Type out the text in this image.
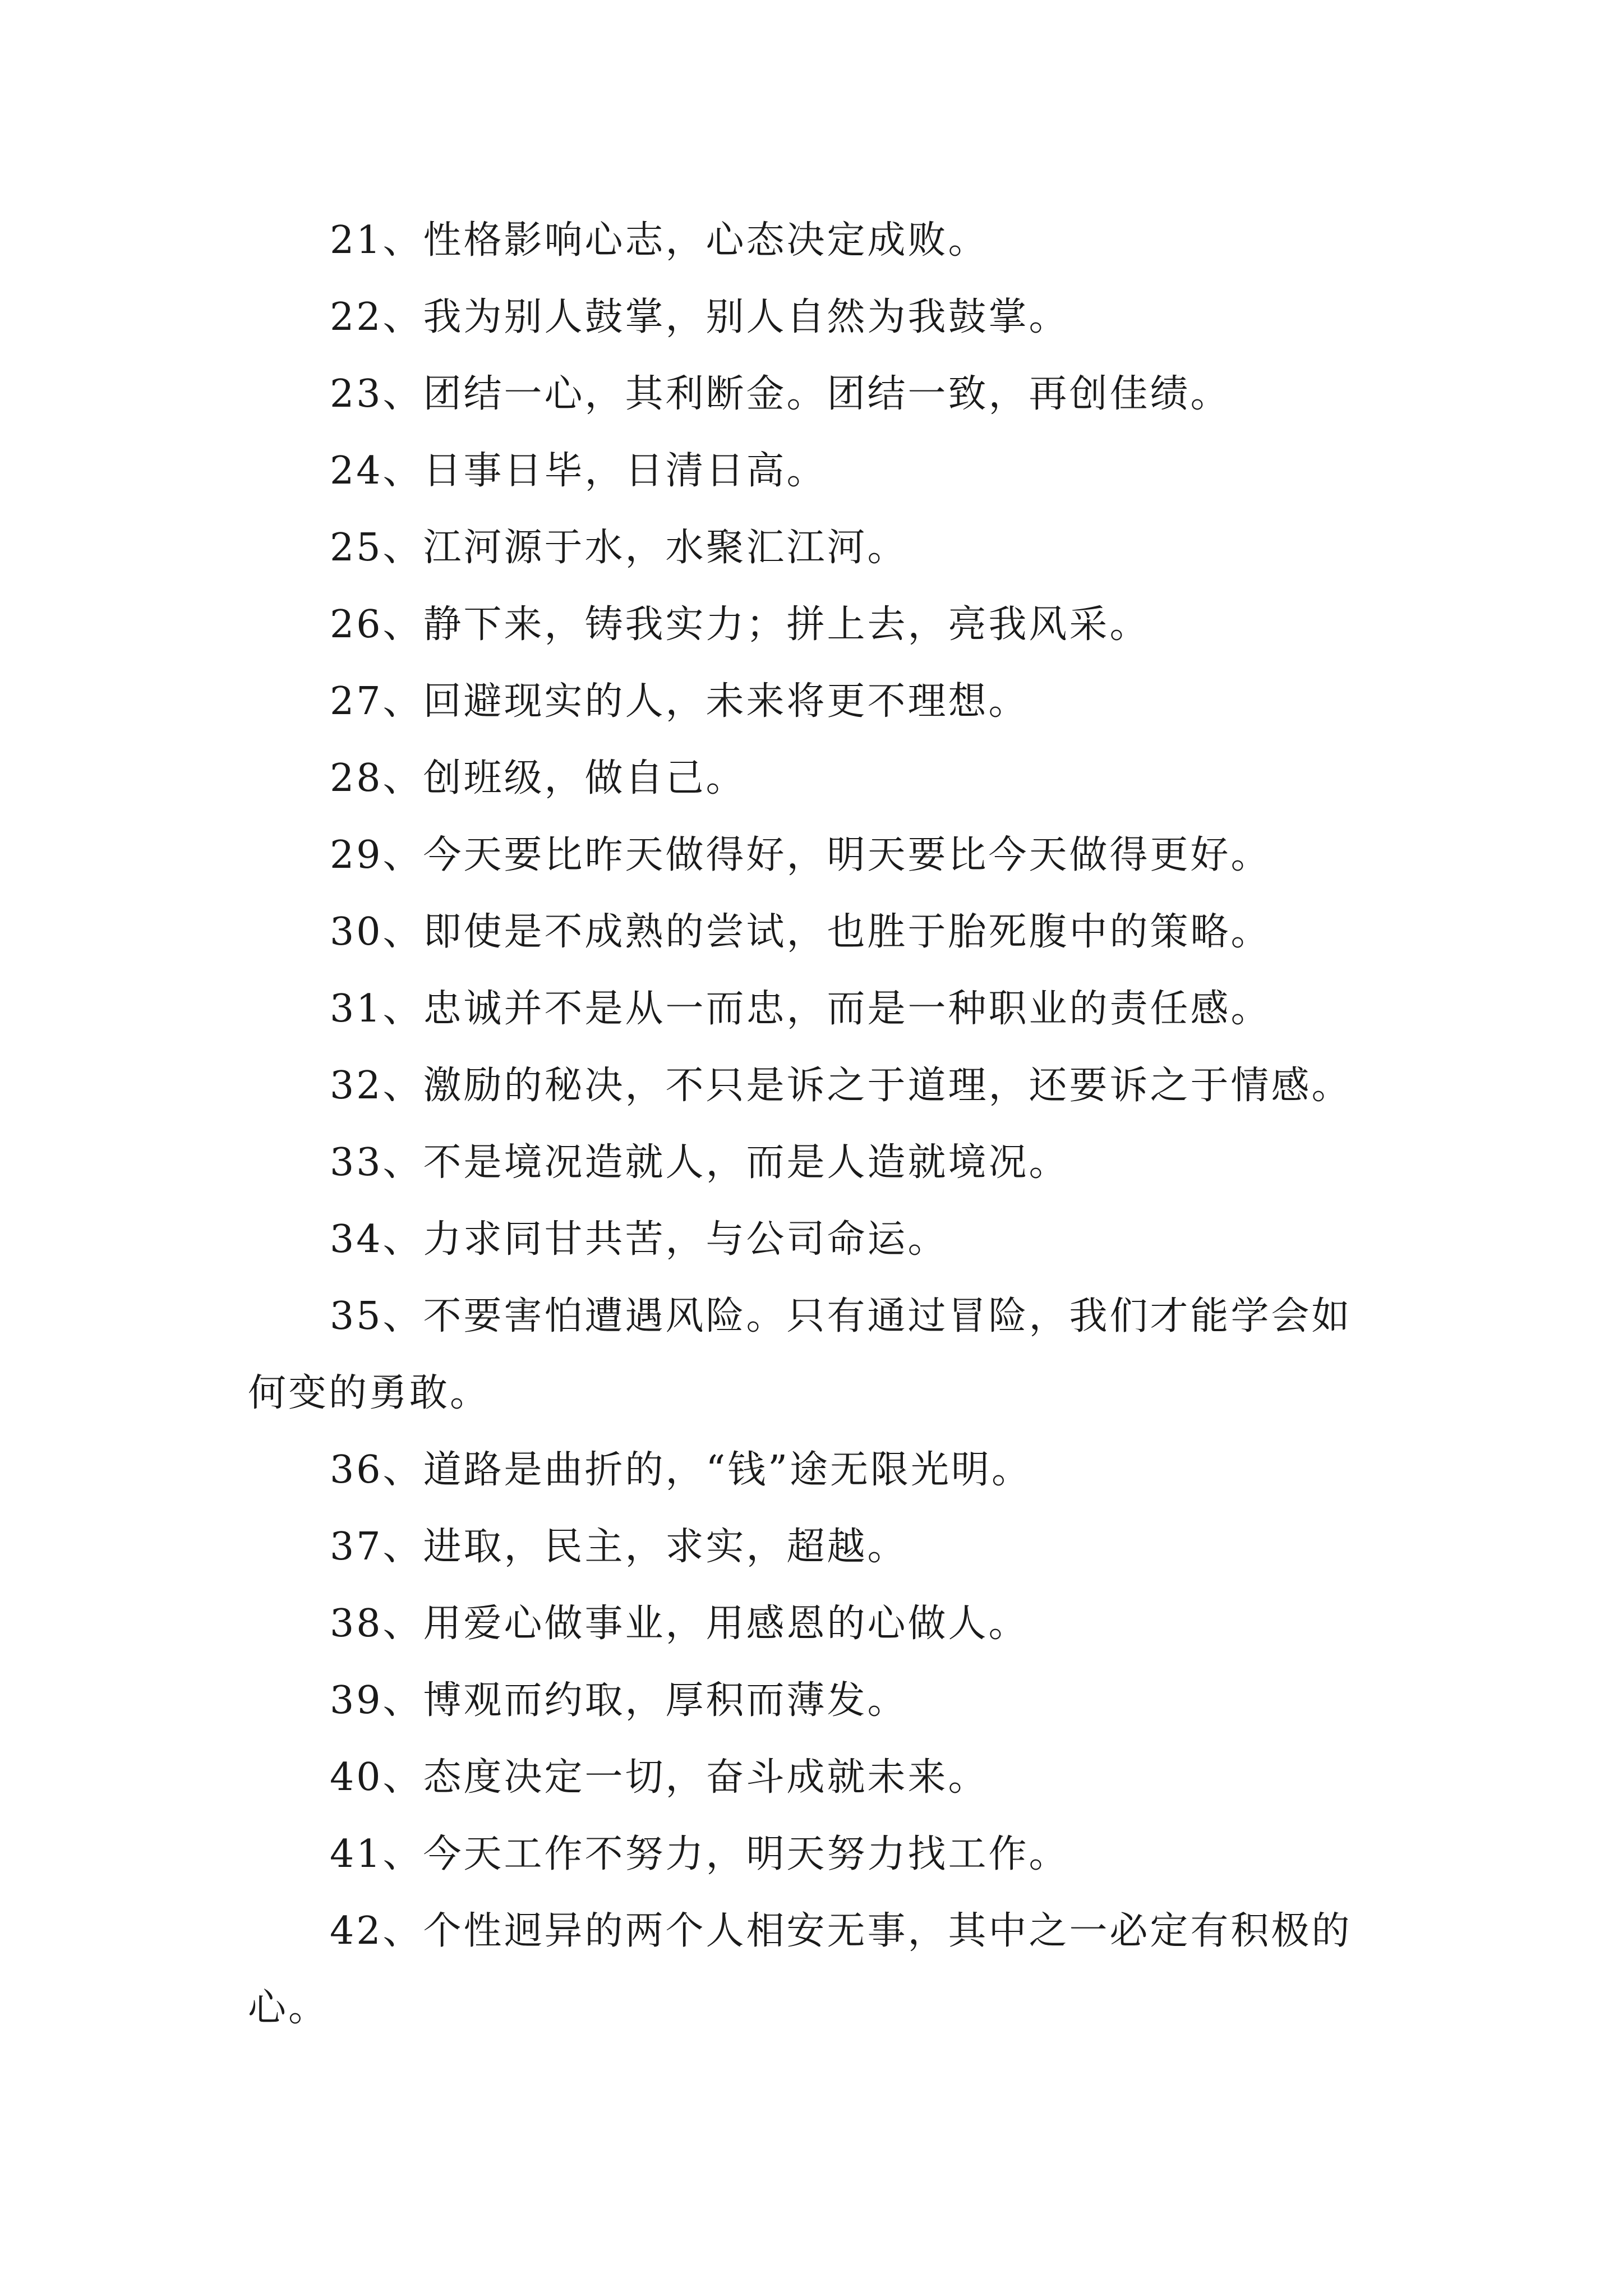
21、性格影响心志，心态决定成败。

22、我为别人鼓掌，别人自然为我鼓掌。

23、团结一心，其利断金。团结一致，再创佳绩。

24、日事日毕，日清日高。

25、江河源于水，水聚汇江河。

26、静下来，铸我实力；拼上去，亮我风采。

27、回避现实的人，未来将更不理想。

28、创班级，做自己。

29、今天要比昨天做得好，明天要比今天做得更好。

30、即使是不成熟的尝试，也胜于胎死腹中的策略。

31、忠诚并不是从一而忠，而是一种职业的责任感。

32、激励的秘决，不只是诉之于道理，还要诉之于情感。

33、不是境况造就人，而是人造就境况。

34、力求同甘共苦，与公司命运。

35、不要害怕遭遇风险。只有通过冒险，我们才能学会如何变的勇敢。

36、道路是曲折的，“钱”途无限光明。

37、进取，民主，求实，超越。

38、用爱心做事业，用感恩的心做人。

39、博观而约取，厚积而薄发。

40、态度决定一切，奋斗成就未来。

41、今天工作不努力，明天努力找工作。

42、个性迥异的两个人相安无事，其中之一必定有积极的心。
